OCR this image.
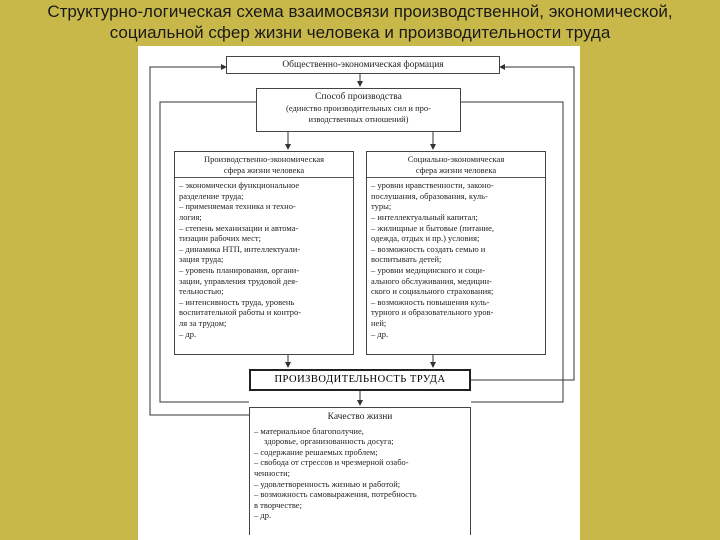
Структурно-логическая схема взаимосвязи производственной, экономической,
социальной сфер жизни человека и производительности труда
Общественно-экономическая формация
Способ производства
(единство производительных сил и про-
изводственных отношений)
Производственно-экономическая
сфера жизни человека
– экономически функциональное
разделение труда;
– применяемая техника и техно-
логия;
– степень механизации и автома-
тизации рабочих мест;
– динамика НТП, интеллектуали-
зация труда;
– уровень планирования, органи-
зации, управления трудовой дея-
тельностью;
– интенсивность труда, уровень
воспитательной работы и контро-
ля за трудом;
– др.
Социально-экономическая
сфера жизни человека
– уровни нравственности, законо-
послушания, образования, куль-
туры;
– интеллектуальный капитал;
– жилищные и бытовые (питание,
одежда, отдых и пр.) условия;
– возможность создать семью и
воспитывать детей;
– уровни медицинского и соци-
ального обслуживания, медицин-
ского и социального страхования;
– возможность повышения куль-
турного и образовательного уров-
ней;
– др.
ПРОИЗВОДИТЕЛЬНОСТЬ ТРУДА
Качество жизни
– материальное благополучие,
здоровье, организованность досуга;
– содержание решаемых проблем;
– свобода от стрессов и чрезмерной озабо-
ченности;
– удовлетворенность жизнью и работой;
– возможность самовыражения, потребность
в творчестве;
– др.
